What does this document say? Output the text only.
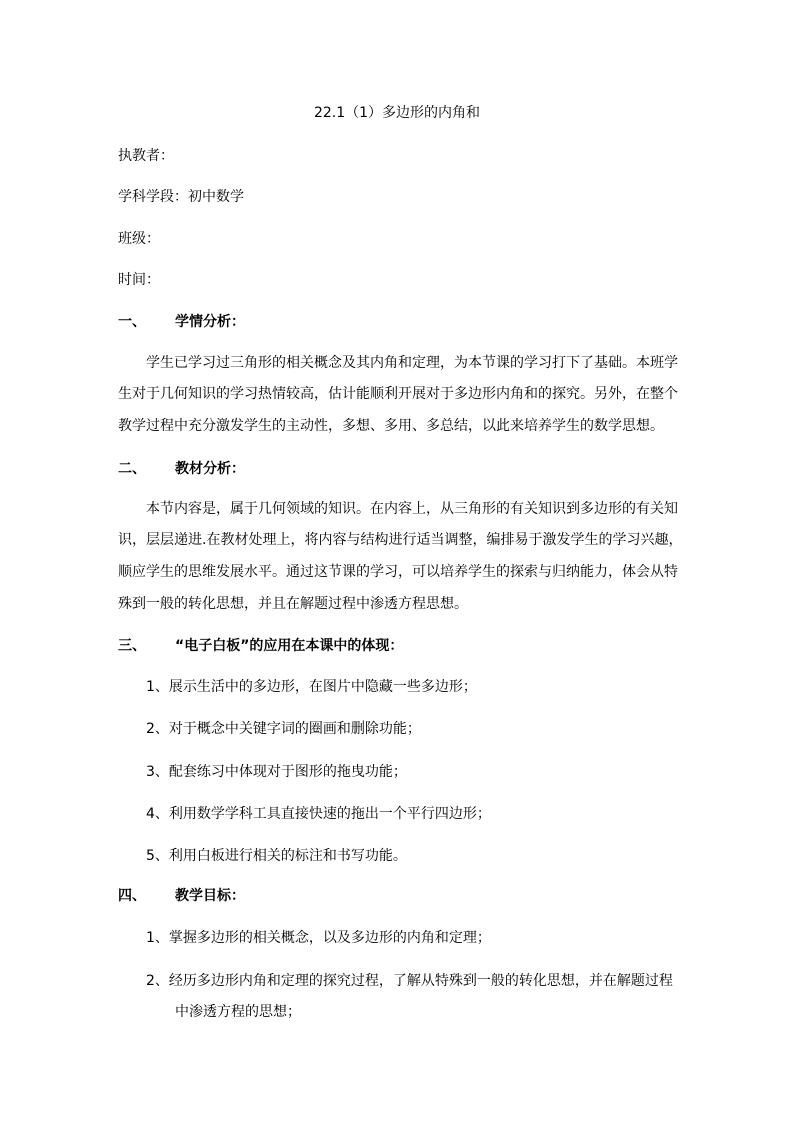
22.1（1）多边形的内角和
执教者：
学科学段：初中数学
班级：
时间：
一、 学情分析：
学生已学习过三角形的相关概念及其内角和定理，为本节课的学习打下了基础。本班学
生对于几何知识的学习热情较高，估计能顺利开展对于多边形内角和的探究。另外，在整个
教学过程中充分激发学生的主动性，多想、多用、多总结，以此来培养学生的数学思想。
二、 教材分析：
本节内容是，属于几何领域的知识。在内容上，从三角形的有关知识到多边形的有关知
识，层层递进.在教材处理上，将内容与结构进行适当调整，编排易于激发学生的学习兴趣，
顺应学生的思维发展水平。通过这节课的学习，可以培养学生的探索与归纳能力，体会从特
殊到一般的转化思想，并且在解题过程中渗透方程思想。
三、 “电子白板”的应用在本课中的体现：
1、展示生活中的多边形，在图片中隐藏一些多边形；
2、对于概念中关键字词的圈画和删除功能；
3、配套练习中体现对于图形的拖曳功能；
4、利用数学学科工具直接快速的拖出一个平行四边形；
5、利用白板进行相关的标注和书写功能。
四、 教学目标：
1、掌握多边形的相关概念，以及多边形的内角和定理；
2、经历多边形内角和定理的探究过程，了解从特殊到一般的转化思想，并在解题过程
中渗透方程的思想；
